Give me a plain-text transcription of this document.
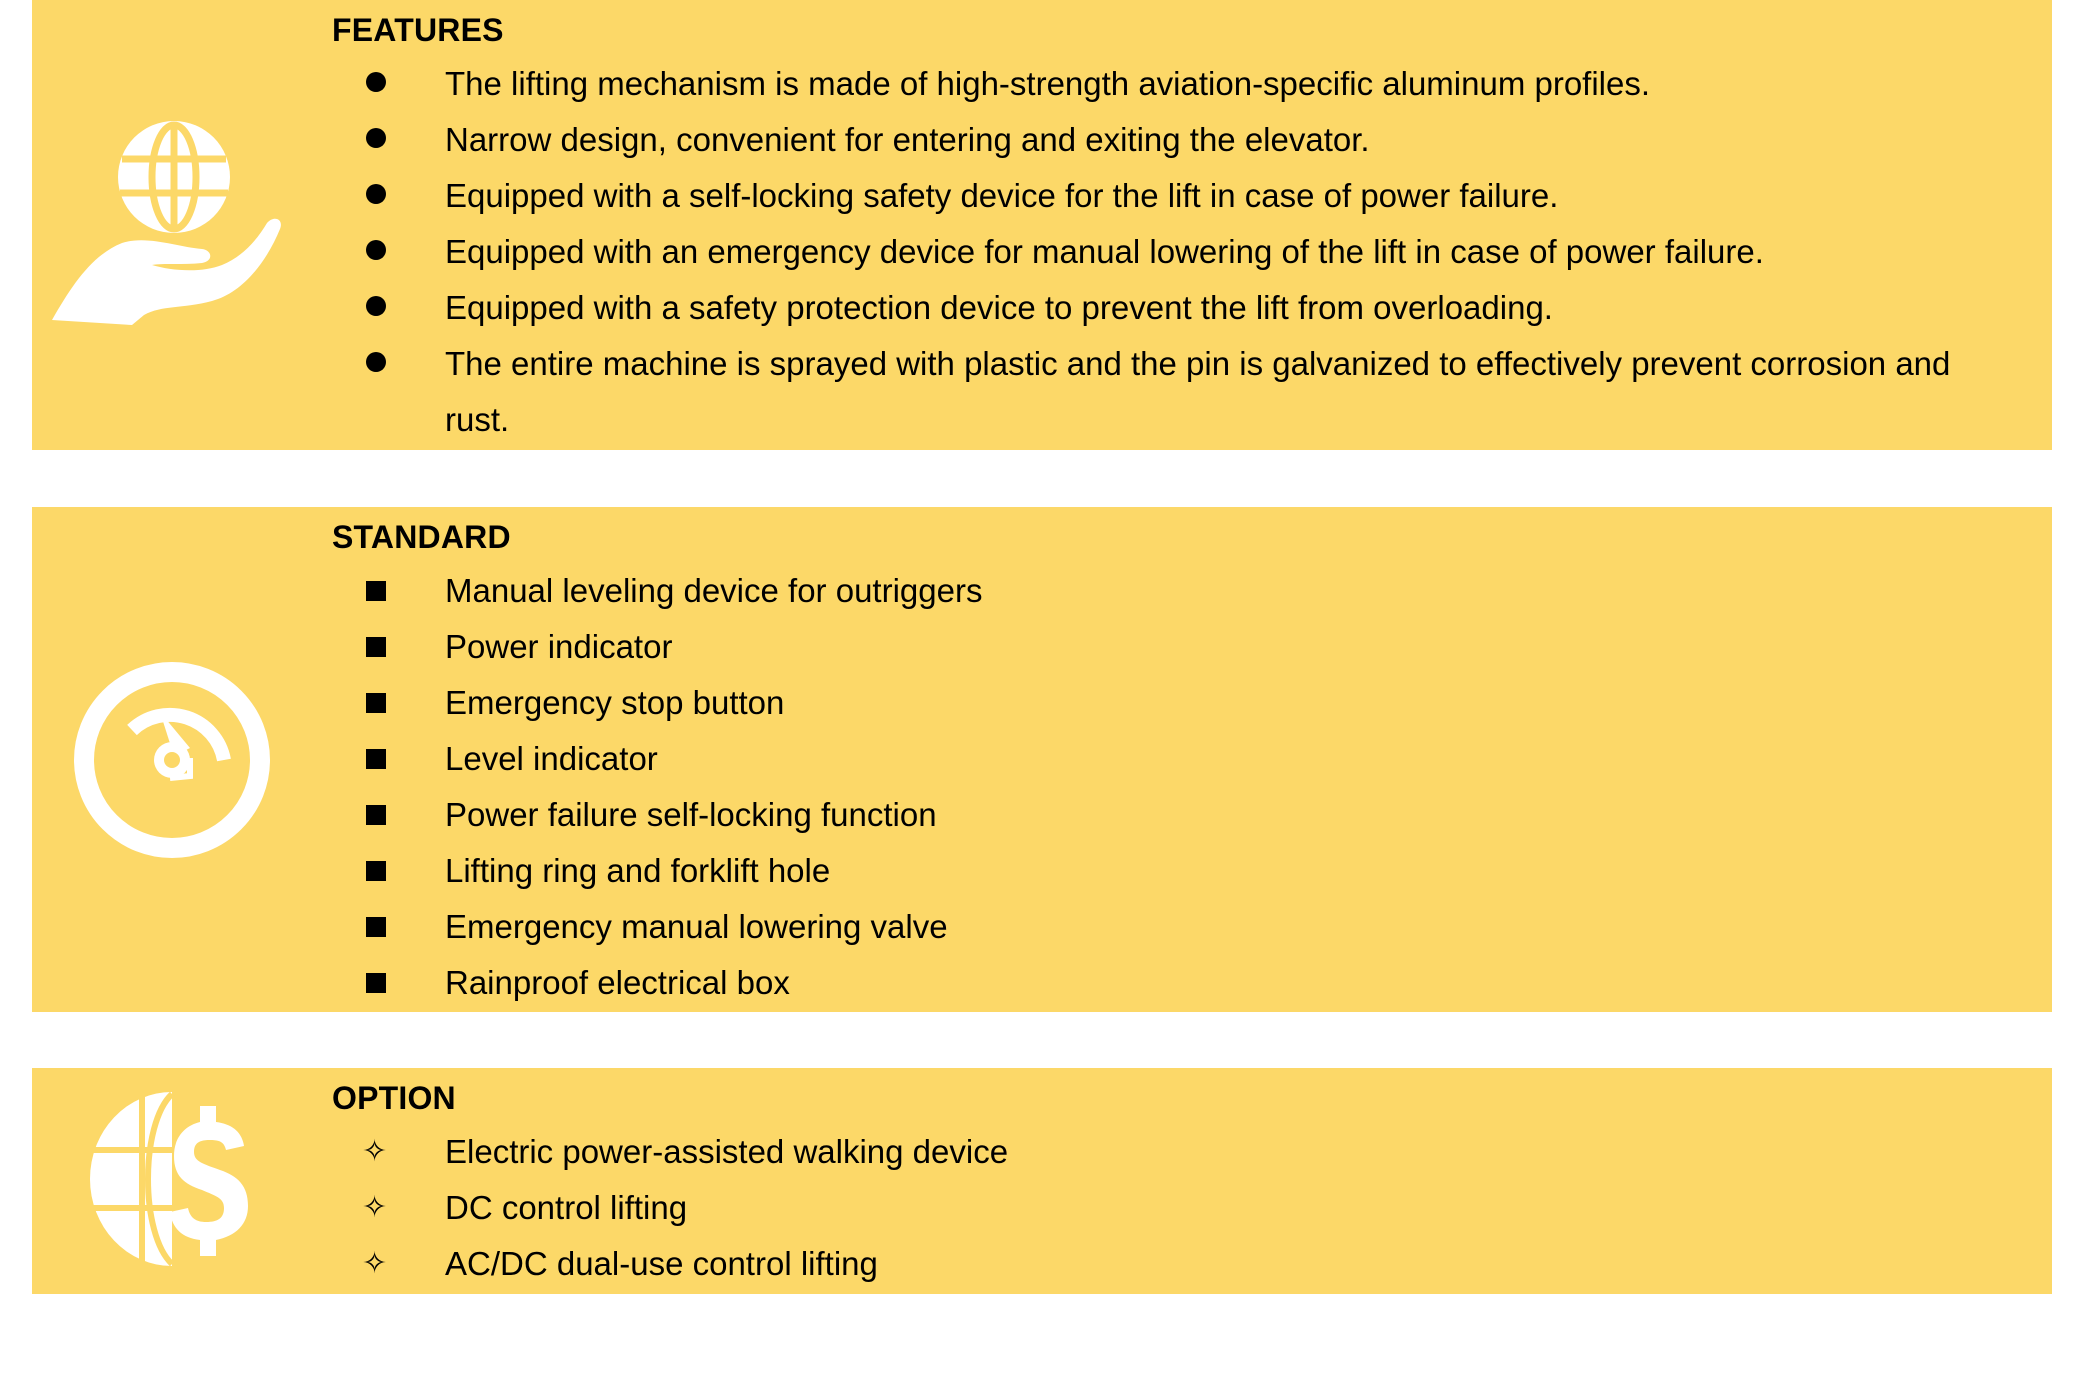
FEATURES
The lifting mechanism is made of high-strength aviation-specific aluminum profiles.
Narrow design, convenient for entering and exiting the elevator.
Equipped with a self-locking safety device for the lift in case of power failure.
Equipped with an emergency device for manual lowering of the lift in case of power failure.
Equipped with a safety protection device to prevent the lift from overloading.
The entire machine is sprayed with plastic and the pin is galvanized to effectively prevent corrosion and rust.
STANDARD
Manual leveling device for outriggers
Power indicator
Emergency stop button
Level indicator
Power failure self-locking function
Lifting ring and forklift hole
Emergency manual lowering valve
Rainproof electrical box
OPTION
✧	Electric power-assisted walking device
✧	DC control lifting
✧	AC/DC dual-use control lifting
